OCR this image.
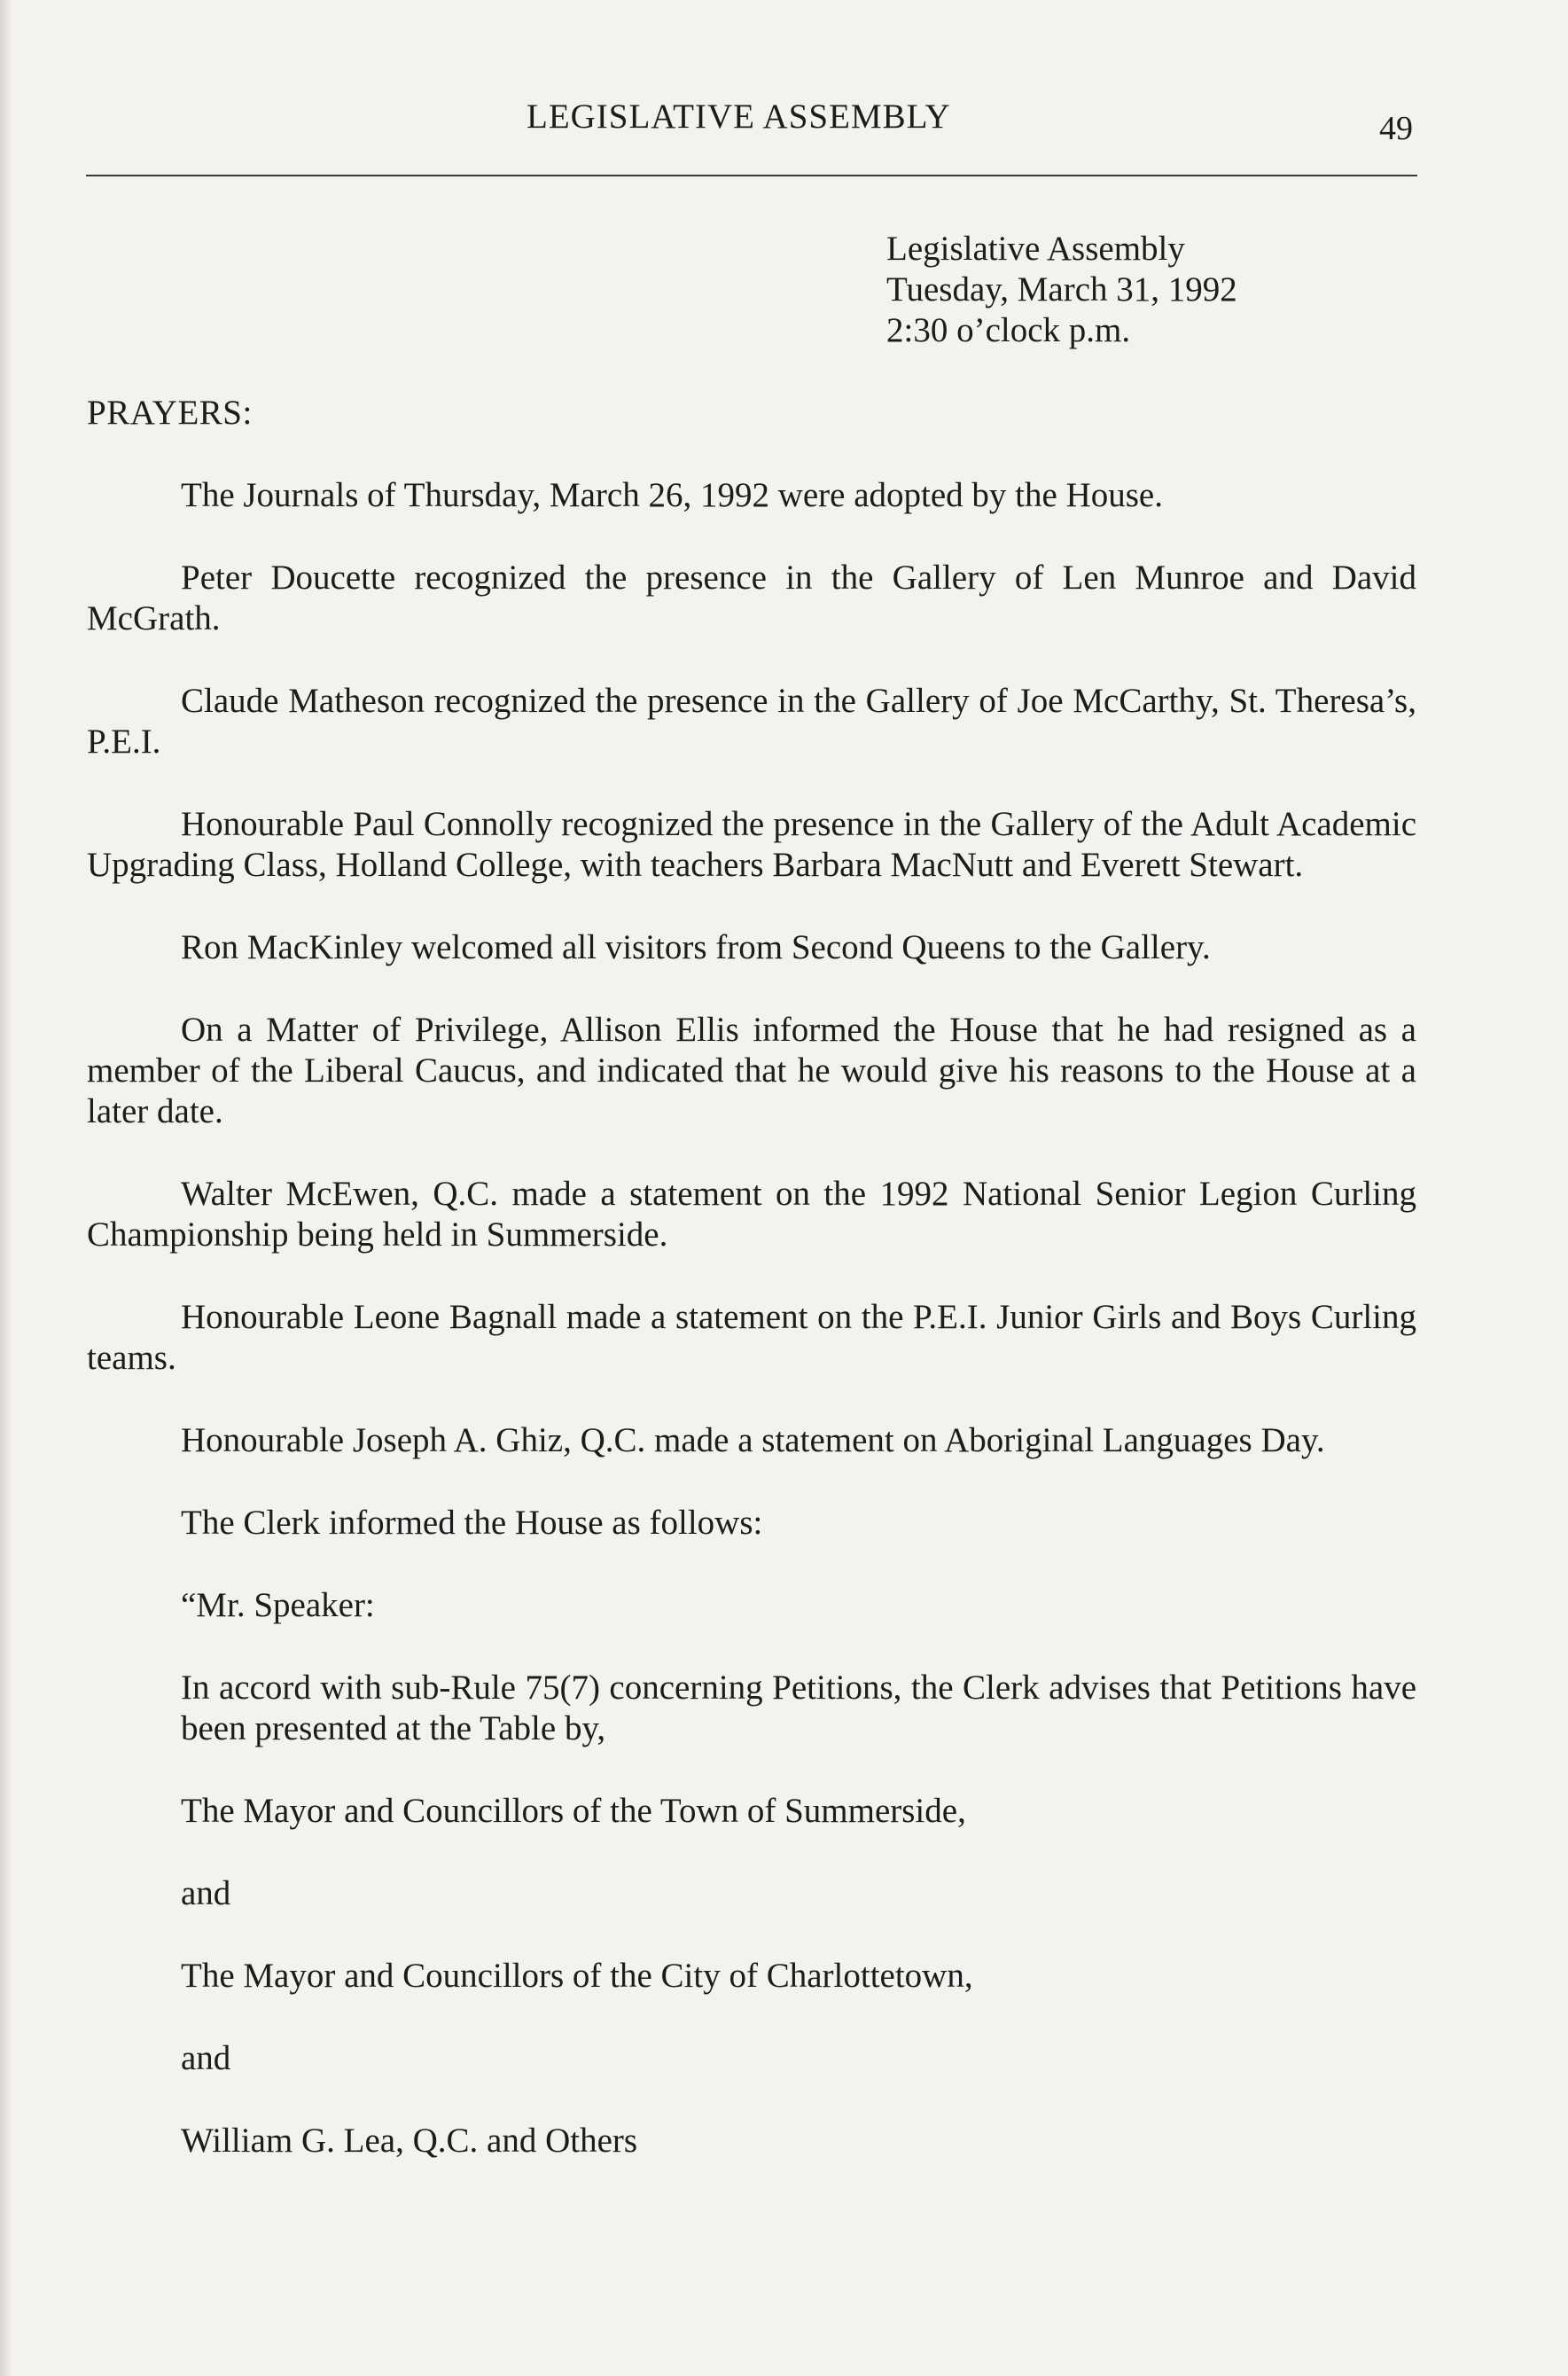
LEGISLATIVE ASSEMBLY	49
Legislative Assembly
Tuesday, March 31, 1992
2:30 o’clock p.m.
PRAYERS:

The Journals of Thursday, March 26, 1992 were adopted by the House.

Peter Doucette recognized the presence in the Gallery of Len Munroe and David McGrath.

Claude Matheson recognized the presence in the Gallery of Joe McCarthy, St. Theresa’s, P.E.I.

Honourable Paul Connolly recognized the presence in the Gallery of the Adult Academic Upgrading Class, Holland College, with teachers Barbara MacNutt and Everett Stewart.

Ron MacKinley welcomed all visitors from Second Queens to the Gallery.

On a Matter of Privilege, Allison Ellis informed the House that he had resigned as a member of the Liberal Caucus, and indicated that he would give his reasons to the House at a later date.

Walter McEwen, Q.C. made a statement on the 1992 National Senior Legion Curling Championship being held in Summerside.

Honourable Leone Bagnall made a statement on the P.E.I. Junior Girls and Boys Curling teams.

Honourable Joseph A. Ghiz, Q.C. made a statement on Aboriginal Languages Day.

The Clerk informed the House as follows:

“Mr. Speaker:

In accord with sub-Rule 75(7) concerning Petitions, the Clerk advises that Petitions have been presented at the Table by,

The Mayor and Councillors of the Town of Summerside,

and

The Mayor and Councillors of the City of Charlottetown,

and

William G. Lea, Q.C. and Others
